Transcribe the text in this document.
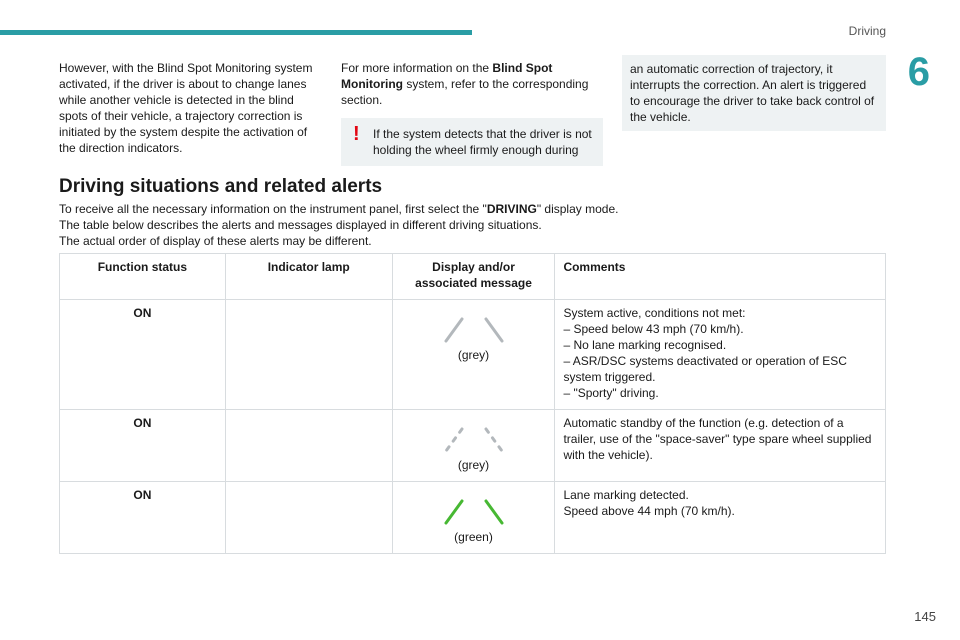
Driving
6

However, with the Blind Spot Monitoring system activated, if the driver is about to change lanes while another vehicle is detected in the blind spots of their vehicle, a trajectory correction is initiated by the system despite the activation of the direction indicators.

For more information on the Blind Spot Monitoring system, refer to the corresponding section.

! If the system detects that the driver is not holding the wheel firmly enough during
an automatic correction of trajectory, it interrupts the correction. An alert is triggered to encourage the driver to take back control of the vehicle.
Driving situations and related alerts

To receive all the necessary information on the instrument panel, first select the "DRIVING" display mode.

The table below describes the alerts and messages displayed in different driving situations.

The actual order of display of these alerts may be different.

Function status	Indicator lamp	Display and/or associated message	Comments
ON		(grey)	System active, conditions not met:
– Speed below 43 mph (70 km/h).
– No lane marking recognised.
– ASR/DSC systems deactivated or operation of ESC system triggered.
– "Sporty" driving.

ON		(grey)	Automatic standby of the function (e.g. detection of a trailer, use of the "space-saver" type spare wheel supplied with the vehicle).

ON		(green)	Lane marking detected.
Speed above 44 mph (70 km/h).
145
